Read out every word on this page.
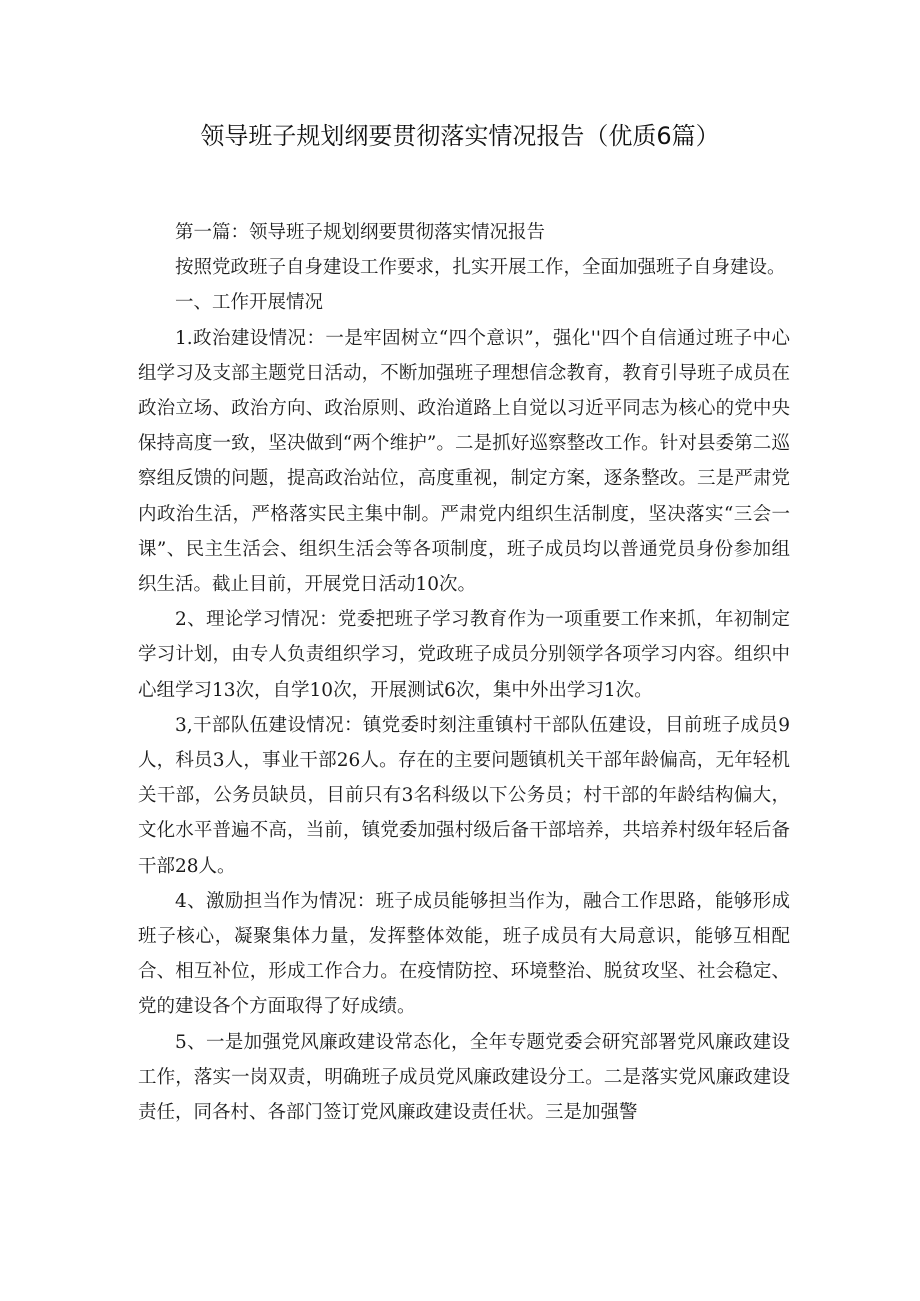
领导班子规划纲要贯彻落实情况报告（优质6篇）

第一篇：领导班子规划纲要贯彻落实情况报告

按照党政班子自身建设工作要求，扎实开展工作，全面加强班子自身建设。

一、工作开展情况

1.政治建设情况：一是牢固树立“四个意识”，强化''四个自信通过班子中心组学习及支部主题党日活动，不断加强班子理想信念教育，教育引导班子成员在政治立场、政治方向、政治原则、政治道路上自觉以习近平同志为核心的党中央保持高度一致，坚决做到“两个维护”。二是抓好巡察整改工作。针对县委第二巡察组反馈的问题，提高政治站位，高度重视，制定方案，逐条整改。三是严肃党内政治生活，严格落实民主集中制。严肃党内组织生活制度，坚决落实“三会一课”、民主生活会、组织生活会等各项制度，班子成员均以普通党员身份参加组织生活。截止目前，开展党日活动10次。

2、理论学习情况：党委把班子学习教育作为一项重要工作来抓，年初制定学习计划，由专人负责组织学习，党政班子成员分别领学各项学习内容。组织中心组学习13次，自学10次，开展测试6次，集中外出学习1次。

3,干部队伍建设情况：镇党委时刻注重镇村干部队伍建设，目前班子成员9人，科员3人，事业干部26人。存在的主要问题镇机关干部年龄偏高，无年轻机关干部，公务员缺员，目前只有3名科级以下公务员；村干部的年龄结构偏大，文化水平普遍不高，当前，镇党委加强村级后备干部培养，共培养村级年轻后备干部28人。

4、激励担当作为情况：班子成员能够担当作为，融合工作思路，能够形成班子核心，凝聚集体力量，发挥整体效能，班子成员有大局意识，能够互相配合、相互补位，形成工作合力。在疫情防控、环境整治、脱贫攻坚、社会稳定、党的建设各个方面取得了好成绩。

5、一是加强党风廉政建设常态化，全年专题党委会研究部署党风廉政建设工作，落实一岗双责，明确班子成员党风廉政建设分工。二是落实党风廉政建设责任，同各村、各部门签订党风廉政建设责任状。三是加强警
